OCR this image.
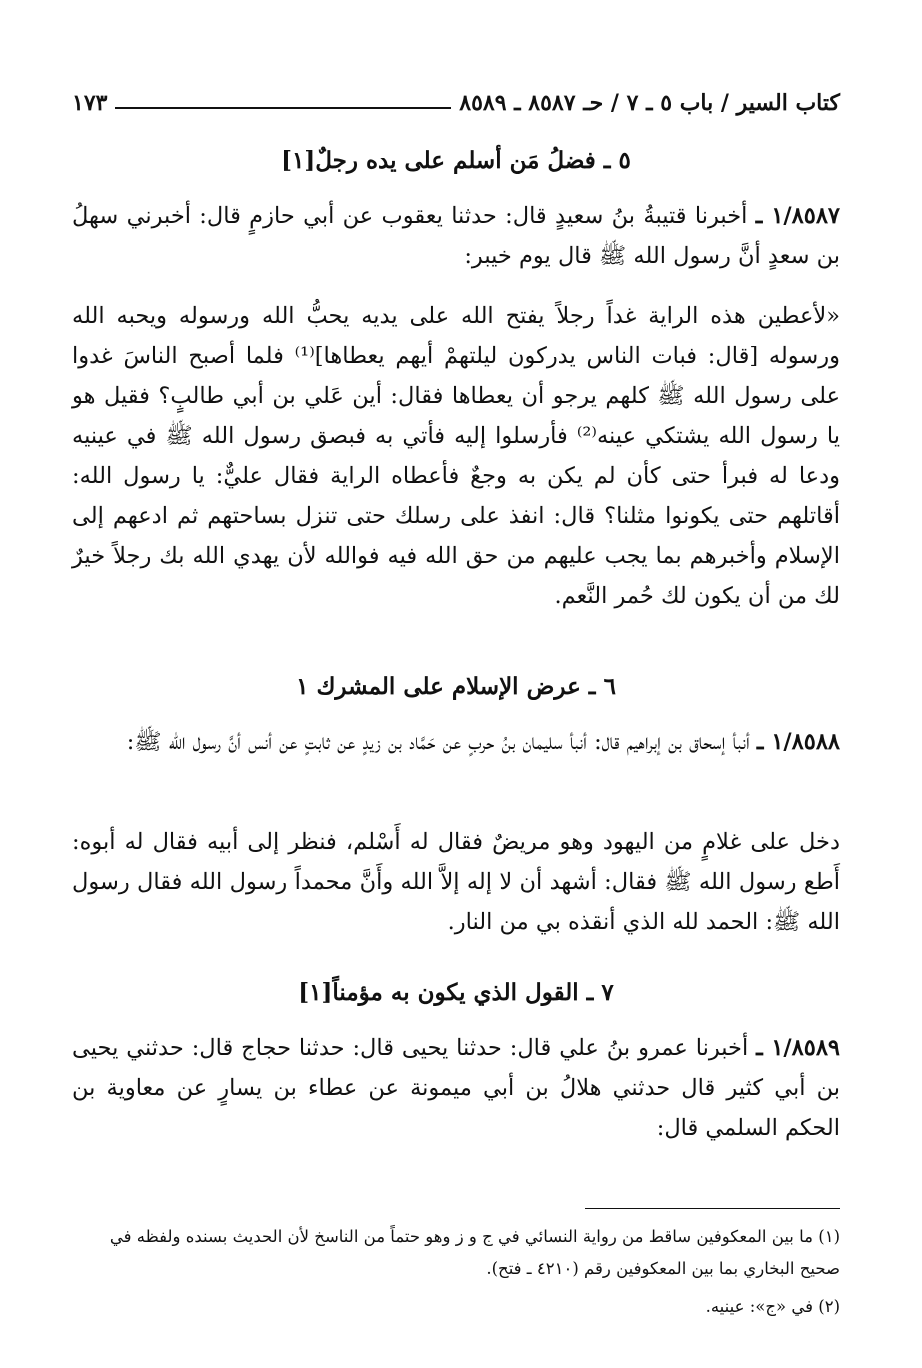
كتاب السير / باب ٥ ـ ٧ / حـ ٨٥٨٧ ـ ٨٥٨٩
١٧٣
٥ ـ فضلُ مَن أسلم على يده رجلٌ[١]

١/٨٥٨٧ ـ أخبرنا قتيبةُ بنُ سعيدٍ قال: حدثنا يعقوب عن أبي حازمٍ قال: أخبرني سهلُ بن سعدٍ أنَّ رسول الله ﷺ قال يوم خيبر:

«لأعطين هذه الراية غداً رجلاً يفتح الله على يديه يحبُّ الله ورسوله ويحبه الله ورسوله [قال: فبات الناس يدركون ليلتهمْ أيهم يعطاها]⁽¹⁾ فلما أصبح الناسَ غدوا على رسول الله ﷺ كلهم يرجو أن يعطاها فقال: أين عَلي بن أبي طالبٍ؟ فقيل هو يا رسول الله يشتكي عينه⁽²⁾ فأرسلوا إليه فأتي به فبصق رسول الله ﷺ في عينيه ودعا له فبرأ حتى كأن لم يكن به وجعٌ فأعطاه الراية فقال عليٌّ: يا رسول الله: أقاتلهم حتى يكونوا مثلنا؟ قال: انفذ على رسلك حتى تنزل بساحتهم ثم ادعهم إلى الإسلام وأخبرهم بما يجب عليهم من حق الله فيه فوالله لأن يهدي الله بك رجلاً خيرٌ لك من أن يكون لك حُمر النَّعم.

٦ ـ عرض الإسلام على المشرك ١

١/٨٥٨٨ ـ أنبأ إسحاق بن إبراهيم قال: أنبأ سليمان بنُ حربٍ عن حَمَّاد بن زيدٍ عن ثابتٍ عن أنس أنَّ رسول الله ﷺ:

دخل على غلامٍ من اليهود وهو مريضٌ فقال له أَسْلم، فنظر إلى أبيه فقال له أبوه: أَطع رسول الله ﷺ فقال: أشهد أن لا إله إلاَّ الله وأَنَّ محمداً رسول الله فقال رسول الله ﷺ: الحمد لله الذي أنقذه بي من النار.

٧ ـ القول الذي يكون به مؤمناً[١]

١/٨٥٨٩ ـ أخبرنا عمرو بنُ علي قال: حدثنا يحيى قال: حدثنا حجاج قال: حدثني يحيى بن أبي كثير قال حدثني هلالُ بن أبي ميمونة عن عطاء بن يسارٍ عن معاوية بن الحكم السلمي قال:

(١) ما بين المعكوفين ساقط من رواية النسائي في ج و ز وهو حتماً من الناسخ لأن الحديث بسنده ولفظه في

صحيح البخاري بما بين المعكوفين رقم (٤٢١٠ ـ فتح).

(٢) في «ج»: عينيه.
